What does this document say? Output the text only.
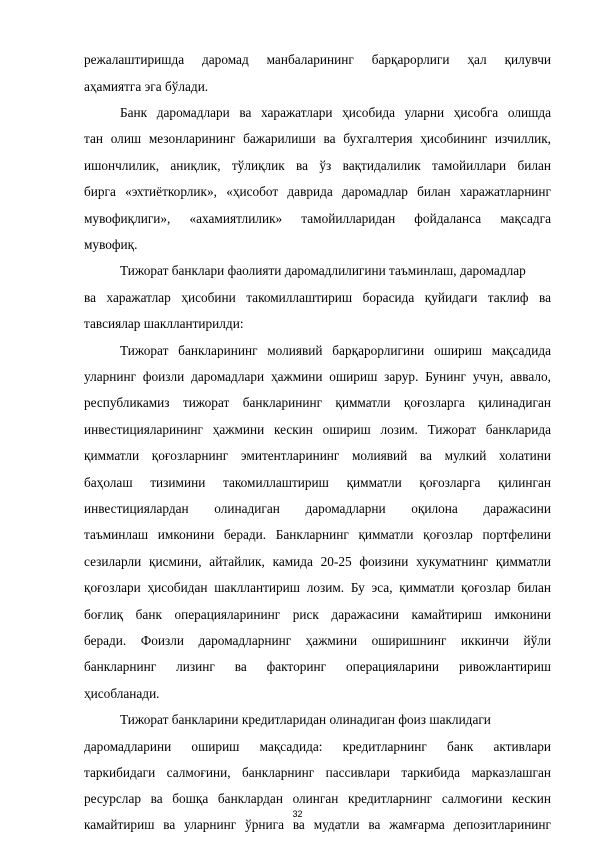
режалаштиришда даромад манбаларининг барқарорлиги ҳал қилувчи
аҳамиятга эга бўлади.
Банк даромадлари ва харажатлари ҳисобида уларни ҳисобга олишда
тан олиш мезонларининг бажарилиши ва бухгалтерия ҳисобининг изчиллик,
ишончлилик, аниқлик, тўлиқлик ва ўз вақтидалилик тамойиллари билан
бирга «эхтиёткорлик», «ҳисобот даврида даромадлар билан харажатларнинг
мувофиқлиги», «ахамиятлилик» тамойилларидан фойдаланса мақсадга
мувофиқ.
Тижорат банклари фаолияти даромадлилигини таъминлаш, даромадлар
ва харажатлар ҳисобини такомиллаштириш борасида қуйидаги таклиф ва
тавсиялар шакллантирилди:
Тижорат банкларининг молиявий барқарорлигини ошириш мақсадида
уларнинг фоизли даромадлари ҳажмини ошириш зарур. Бунинг учун, аввало,
республикамиз тижорат банкларининг қимматли қоғозларга қилинадиган
инвестицияларининг ҳажмини кескин ошириш лозим. Тижорат банкларида
қимматли қоғозларнинг эмитентларининг молиявий ва мулкий холатини
баҳолаш тизимини такомиллаштириш қимматли қоғозларга қилинган
инвестициялардан олинадиган даромадларни оқилона даражасини
таъминлаш имконини беради. Банкларнинг қимматли қоғозлар портфелини
сезиларли қисмини, айтайлик, камида 20-25 фоизини хукуматнинг қимматли
қоғозлари ҳисобидан шакллантириш лозим. Бу эса, қимматли қоғозлар билан
боғлиқ банк операцияларининг риск даражасини камайтириш имконини
беради. Фоизли даромадларнинг ҳажмини оширишнинг иккинчи йўли
банкларнинг лизинг ва факторинг операцияларини ривожлантириш
ҳисобланади.
Тижорат банкларини кредитларидан олинадиган фоиз шаклидаги
даромадларини ошириш мақсадида: кредитларнинг банк активлари
таркибидаги салмоғини, банкларнинг пассивлари таркибида марказлашган
ресурслар ва бошқа банклардан олинган кредитларнинг салмоғини кескин
камайтириш ва уларнинг ўрнига ва мудатли ва жамғарма депозитларининг
32
